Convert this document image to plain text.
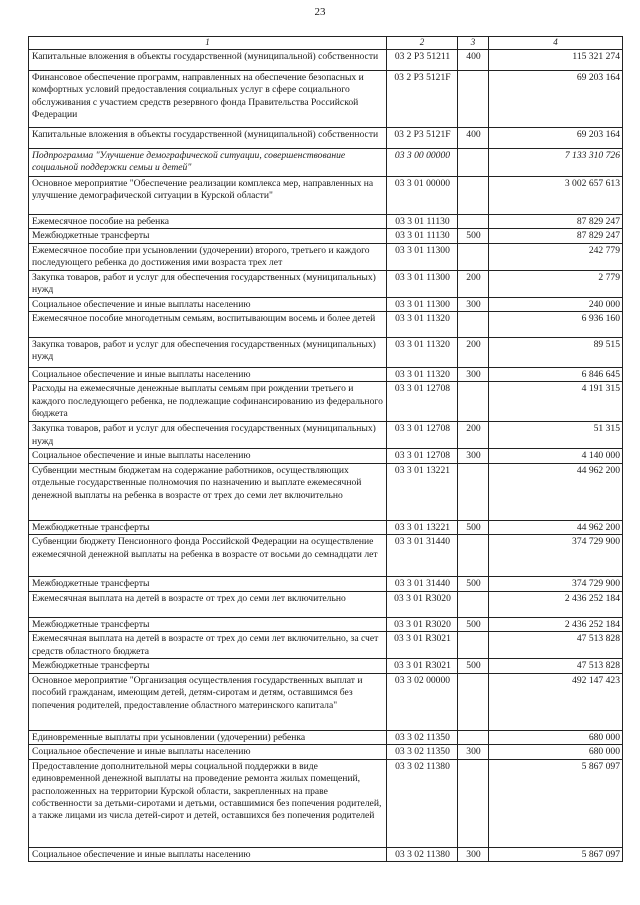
23
1	2	3	4
Капитальные вложения в объекты государственной (муниципальной) собственности	03 2 Р3 51211	400	115 321 274
Финансовое обеспечение программ, направленных на обеспечение безопасных и комфортных условий предоставления социальных услуг в сфере социального обслуживания с участием средств резервного фонда Правительства Российской Федерации	03 2 Р3 5121F		69 203 164
Капитальные вложения в объекты государственной (муниципальной) собственности	03 2 Р3 5121F	400	69 203 164
Подпрограмма "Улучшение демографической ситуации, совершенствование социальной поддержки семьи и детей"	03 3 00 00000		7 133 310 726
Основное мероприятие "Обеспечение реализации комплекса мер, направленных на улучшение демографической ситуации в Курской области"	03 3 01 00000		3 002 657 613
Ежемесячное пособие на ребенка	03 3 01 11130		87 829 247
Межбюджетные трансферты	03 3 01 11130	500	87 829 247
Ежемесячное пособие при усыновлении (удочерении) второго, третьего и каждого последующего ребенка до достижения ими возраста трех лет	03 3 01 11300		242 779
Закупка товаров, работ и услуг для обеспечения государственных (муниципальных) нужд	03 3 01 11300	200	2 779
Социальное обеспечение и иные выплаты населению	03 3 01 11300	300	240 000
Ежемесячное пособие многодетным семьям, воспитывающим восемь и более детей	03 3 01 11320		6 936 160
Закупка товаров, работ и услуг для обеспечения государственных (муниципальных) нужд	03 3 01 11320	200	89 515
Социальное обеспечение и иные выплаты населению	03 3 01 11320	300	6 846 645
Расходы на ежемесячные денежные выплаты семьям при рождении третьего и каждого последующего ребенка, не подлежащие софинансированию из федерального бюджета	03 3 01 12708		4 191 315
Закупка товаров, работ и услуг для обеспечения государственных (муниципальных) нужд	03 3 01 12708	200	51 315
Социальное обеспечение и иные выплаты населению	03 3 01 12708	300	4 140 000
Субвенции местным бюджетам на содержание работников, осуществляющих отдельные государственные полномочия по назначению и выплате ежемесячной денежной выплаты на ребенка в возрасте от трех до семи лет включительно	03 3 01 13221		44 962 200
Межбюджетные трансферты	03 3 01 13221	500	44 962 200
Субвенции бюджету Пенсионного фонда Российской Федерации на осуществление ежемесячной денежной выплаты на ребенка в возрасте от восьми до семнадцати лет	03 3 01 31440		374 729 900
Межбюджетные трансферты	03 3 01 31440	500	374 729 900
Ежемесячная выплата на детей в возрасте от трех до семи лет включительно	03 3 01 R3020		2 436 252 184
Межбюджетные трансферты	03 3 01 R3020	500	2 436 252 184
Ежемесячная выплата на детей в возрасте от трех до семи лет включительно, за счет средств областного бюджета	03 3 01 R3021		47 513 828
Межбюджетные трансферты	03 3 01 R3021	500	47 513 828
Основное мероприятие "Организация осуществления государственных выплат и пособий гражданам, имеющим детей, детям-сиротам и детям, оставшимся без попечения родителей, предоставление областного материнского капитала"	03 3 02 00000		492 147 423
Единовременные выплаты при усыновлении (удочерении) ребенка	03 3 02 11350		680 000
Социальное обеспечение и иные выплаты населению	03 3 02 11350	300	680 000
Предоставление дополнительной меры социальной поддержки в виде единовременной денежной выплаты на проведение ремонта жилых помещений, расположенных на территории Курской области, закрепленных на праве собственности за детьми-сиротами и детьми, оставшимися без попечения родителей, а также лицами из числа детей-сирот и детей, оставшихся без попечения родителей	03 3 02 11380		5 867 097
Социальное обеспечение и иные выплаты населению	03 3 02 11380	300	5 867 097
